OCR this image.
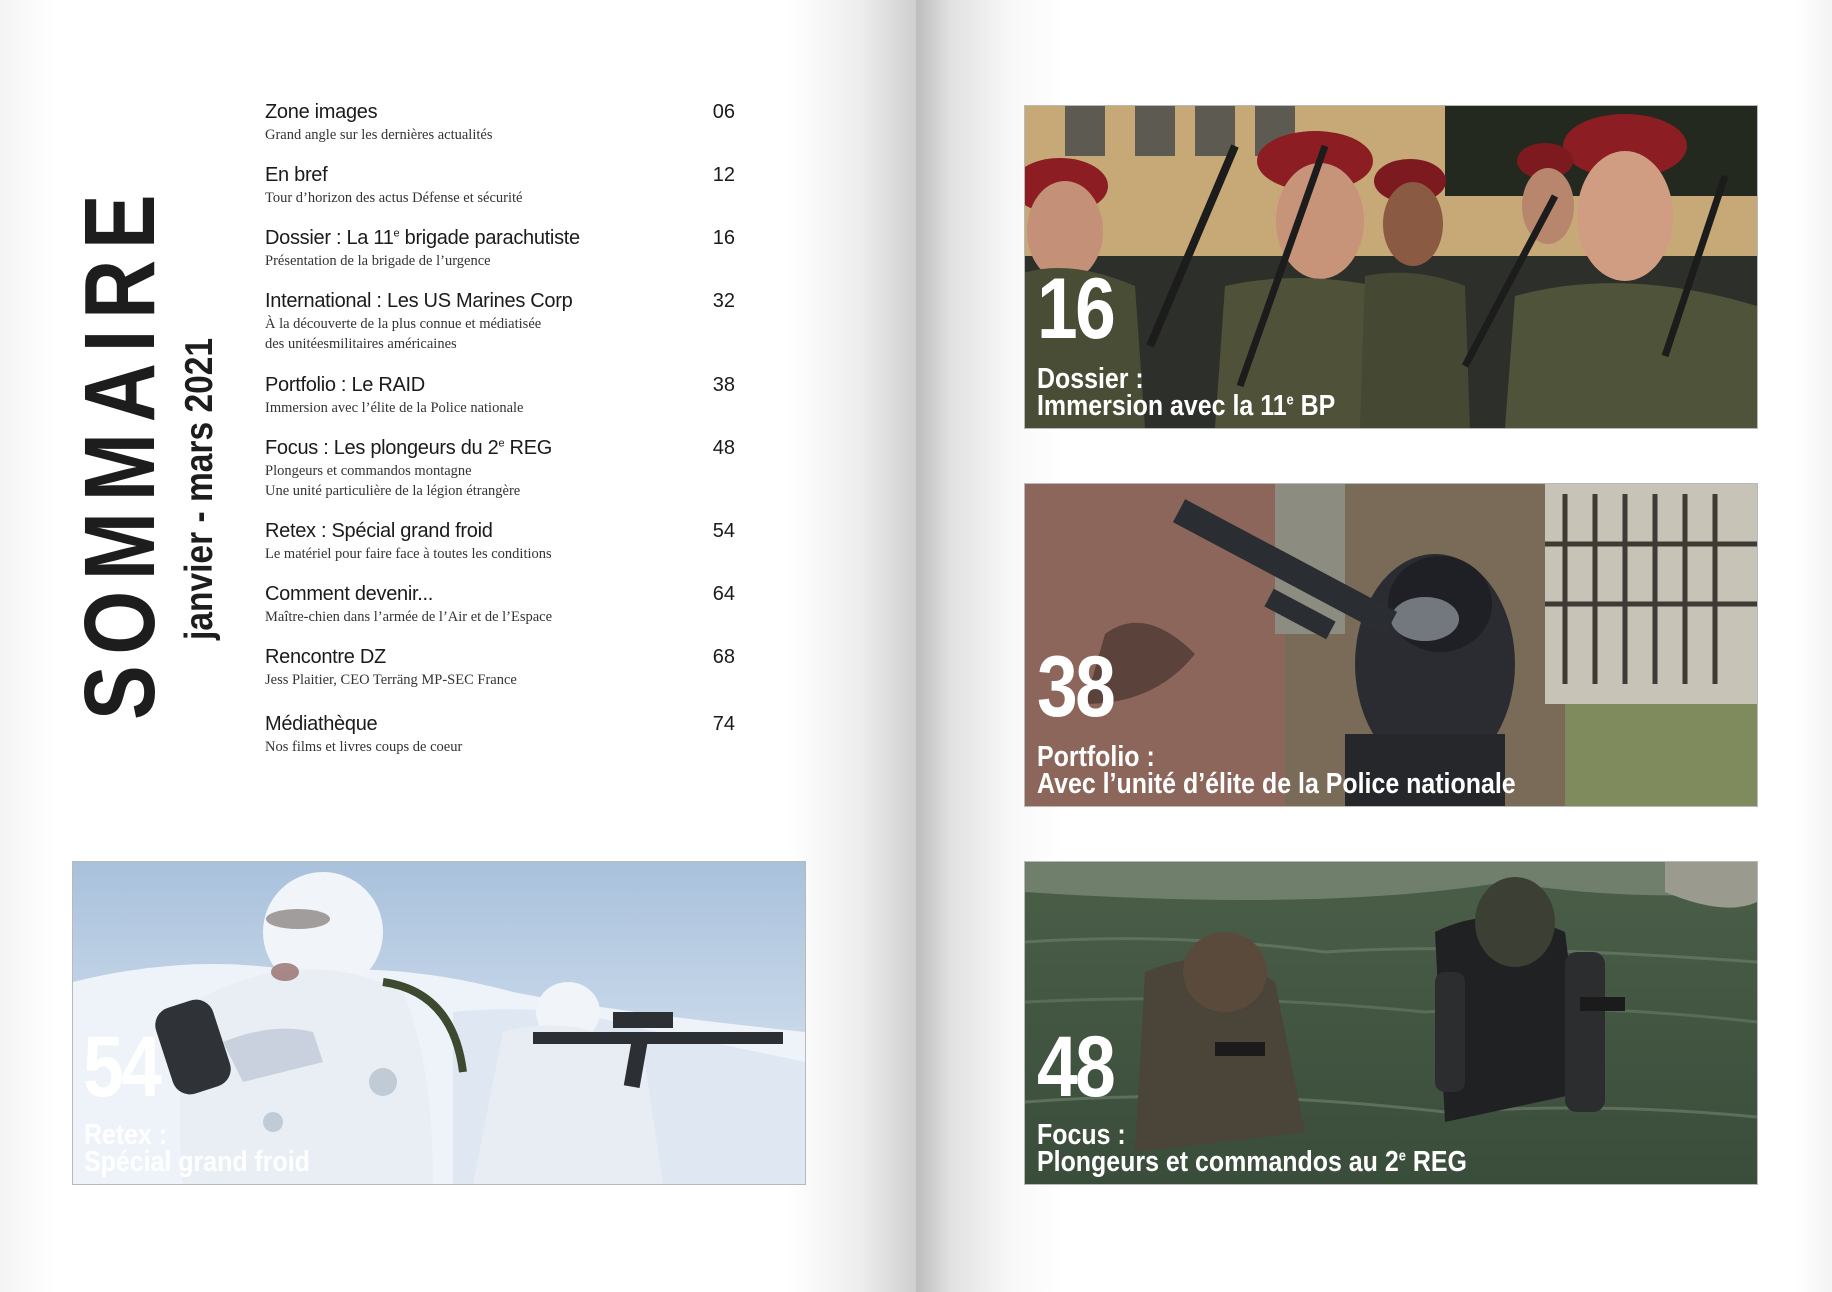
SOMMAIRE janvier - mars 2021
Zone images
Grand angle sur les dernières actualités
06
En bref
Tour d’horizon des actus Défense et sécurité
12
Dossier : La 11e brigade parachutiste
Présentation de la brigade de l’urgence
16
International : Les US Marines Corp
À la découverte de la plus connue et médiatisée
des unitéesmilitaires américaines
32
Portfolio : Le RAID
Immersion avec l’élite de la Police nationale
38
Focus : Les plongeurs du 2e REG
Plongeurs et commandos montagne
Une unité particulière de la légion étrangère
48
Retex : Spécial grand froid
Le matériel pour faire face à toutes les conditions
54
Comment devenir...
Maître-chien dans l’armée de l’Air et de l’Espace
64
Rencontre DZ
Jess Plaitier, CEO Terräng MP-SEC France
68
Médiathèque
Nos films et livres coups de coeur
74
54
Retex :
Spécial grand froid
16
Dossier :
Immersion avec la 11e BP
38
Portfolio :
Avec l’unité d’élite de la Police nationale
48
Focus :
Plongeurs et commandos au 2e REG
